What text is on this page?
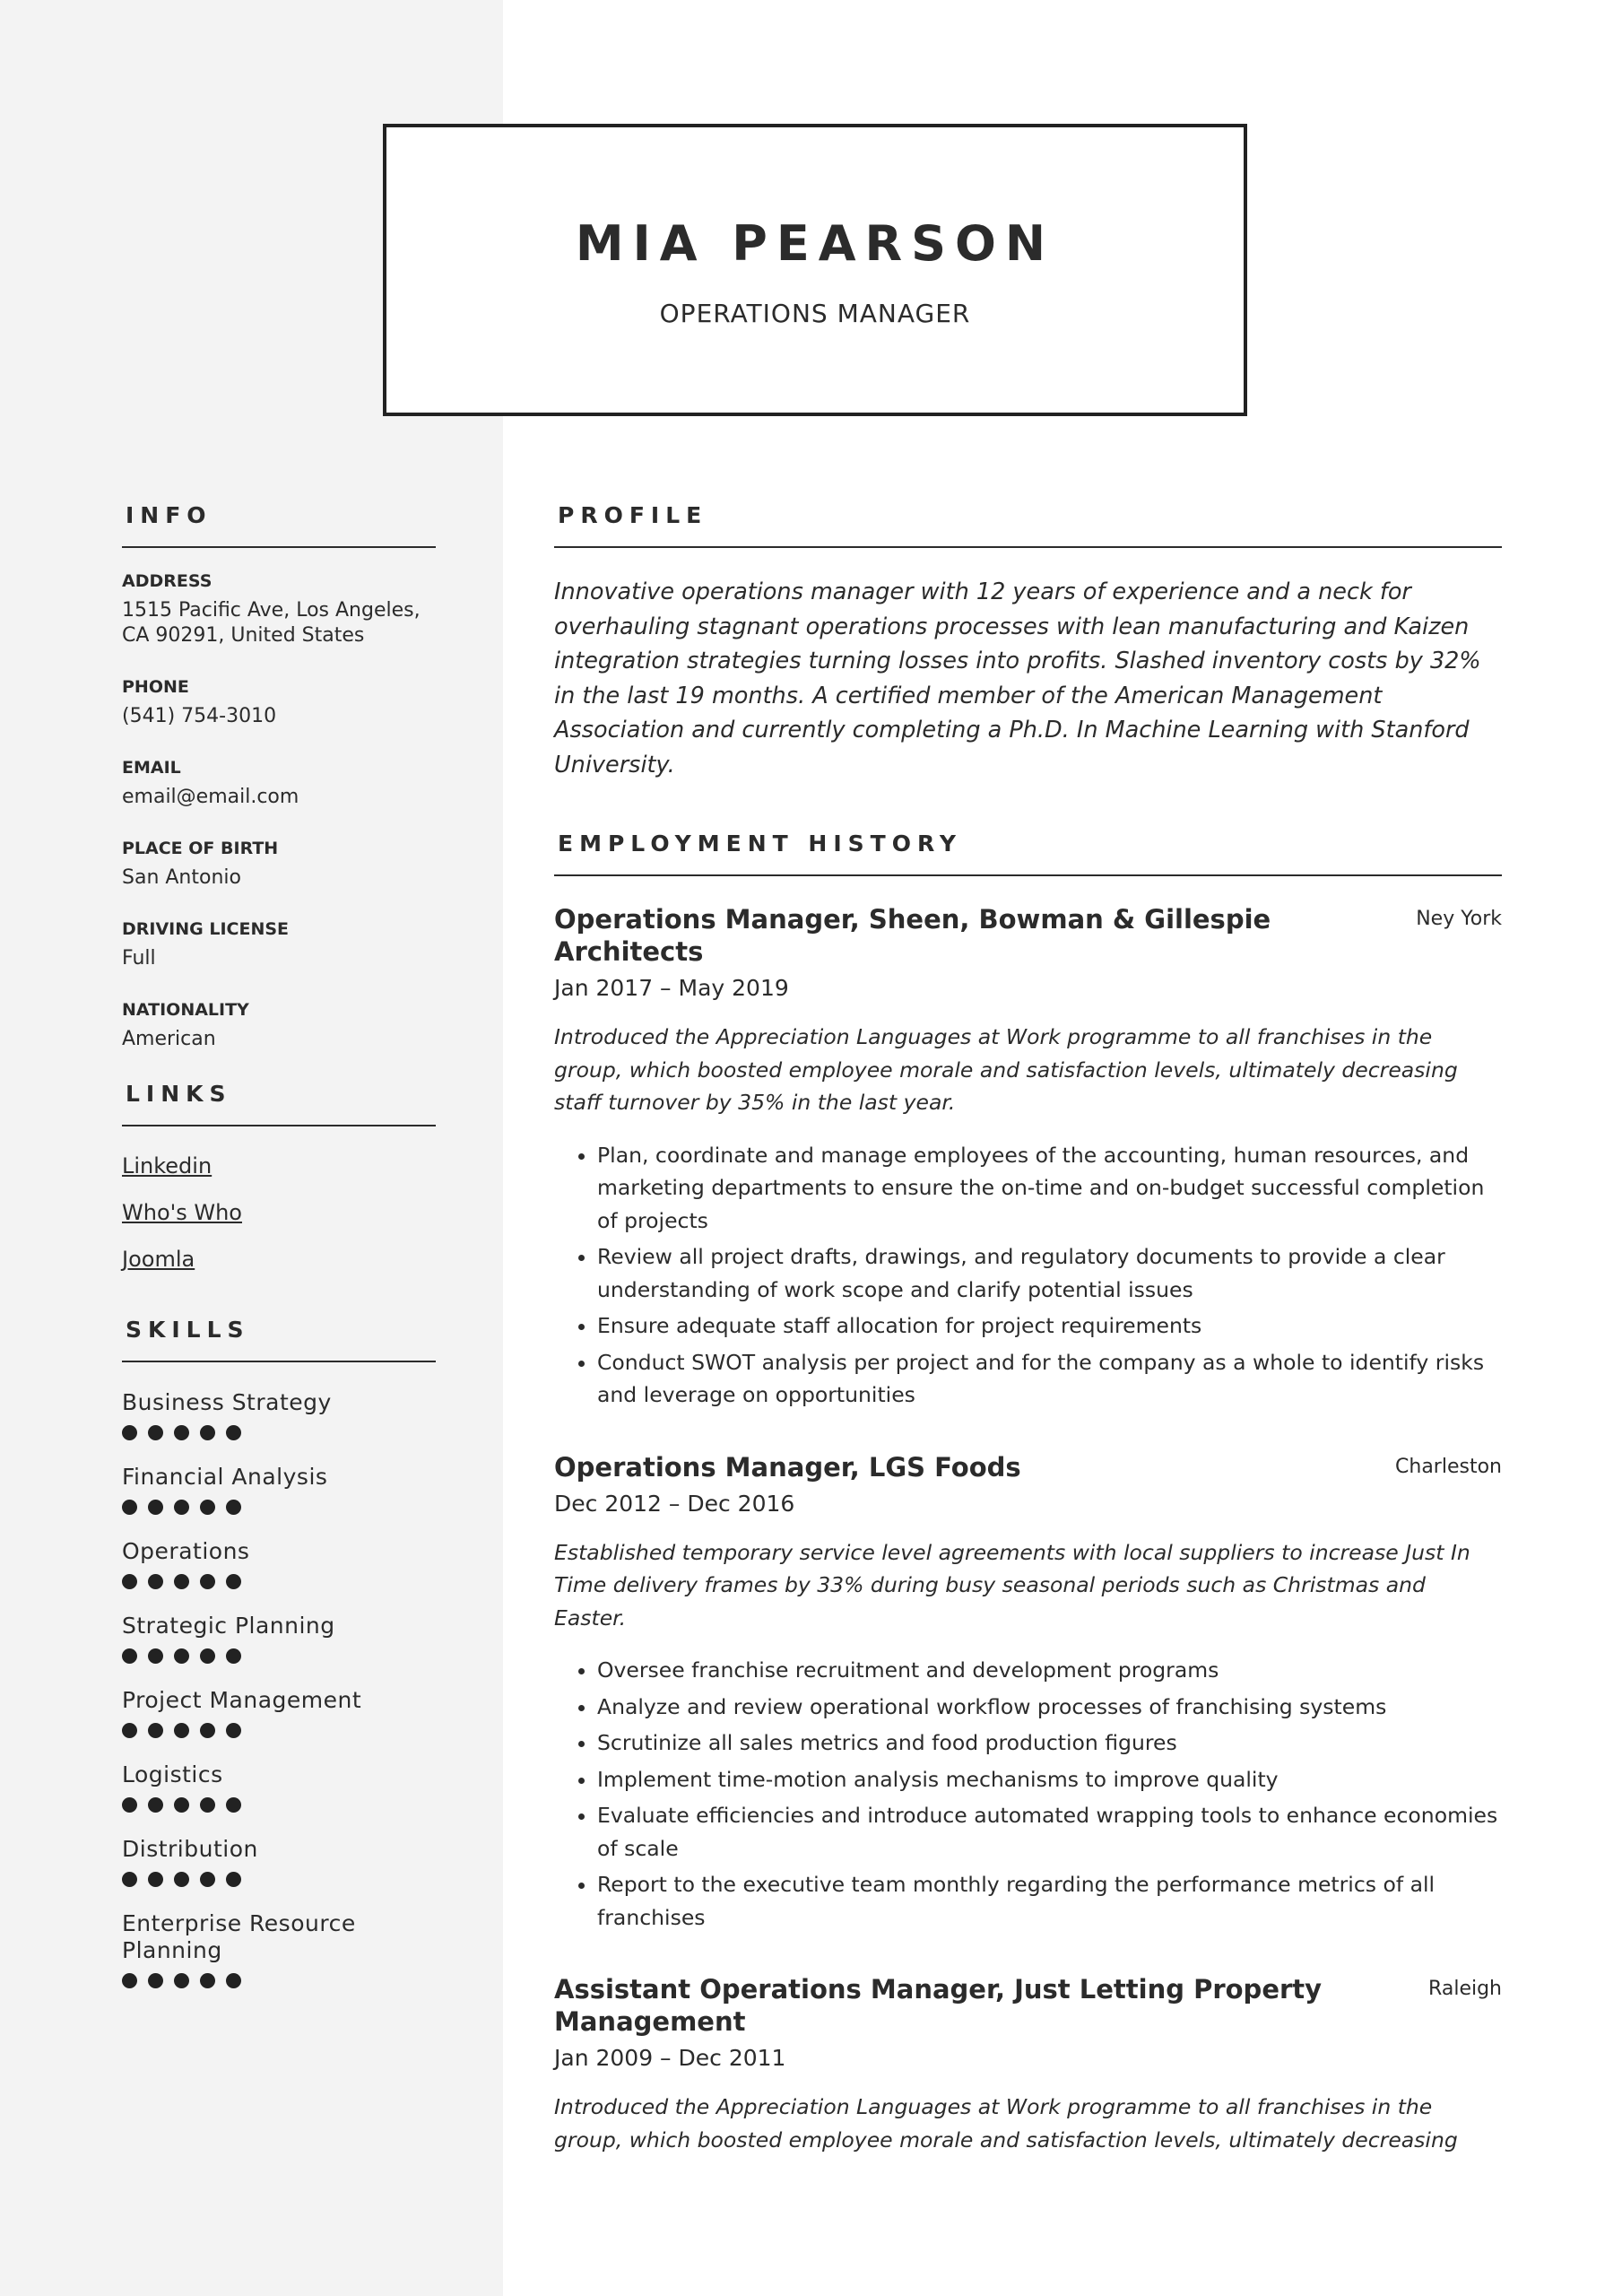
MIA PEARSON
OPERATIONS MANAGER
INFO
ADDRESS
1515 Pacific Ave, Los Angeles, CA 90291, United States
PHONE
(541) 754-3010
EMAIL
email@email.com
PLACE OF BIRTH
San Antonio
DRIVING LICENSE
Full
NATIONALITY
American
LINKS
Linkedin
Who's Who
Joomla
SKILLS
Business Strategy
Financial Analysis
Operations
Strategic Planning
Project Management
Logistics
Distribution
Enterprise Resource Planning
PROFILE
Innovative operations manager with 12 years of experience and a neck for overhauling stagnant operations processes with lean manufacturing and Kaizen integration strategies turning losses into profits. Slashed inventory costs by 32% in the last 19 months. A certified member of the American Management Association and currently completing a Ph.D. In Machine Learning with Stanford University.
EMPLOYMENT HISTORY
Operations Manager, Sheen, Bowman & Gillespie Architects
Ney York
Jan 2017 – May 2019
Introduced the Appreciation Languages at Work programme to all franchises in the group, which boosted employee morale and satisfaction levels, ultimately decreasing staff turnover by 35% in the last year.
• Plan, coordinate and manage employees of the accounting, human resources, and marketing departments to ensure the on-time and on-budget successful completion of projects
• Review all project drafts, drawings, and regulatory documents to provide a clear understanding of work scope and clarify potential issues
• Ensure adequate staff allocation for project requirements
• Conduct SWOT analysis per project and for the company as a whole to identify risks and leverage on opportunities
Operations Manager, LGS Foods	Charleston
Dec 2012 – Dec 2016
Established temporary service level agreements with local suppliers to increase Just In Time delivery frames by 33% during busy seasonal periods such as Christmas and Easter.
• Oversee franchise recruitment and development programs
• Analyze and review operational workflow processes of franchising systems
• Scrutinize all sales metrics and food production figures
• Implement time-motion analysis mechanisms to improve quality
• Evaluate efficiencies and introduce automated wrapping tools to enhance economies of scale
• Report to the executive team monthly regarding the performance metrics of all franchises
Assistant Operations Manager, Just Letting Property Management
Raleigh
Jan 2009 – Dec 2011
Introduced the Appreciation Languages at Work programme to all franchises in the group, which boosted employee morale and satisfaction levels, ultimately decreasing
